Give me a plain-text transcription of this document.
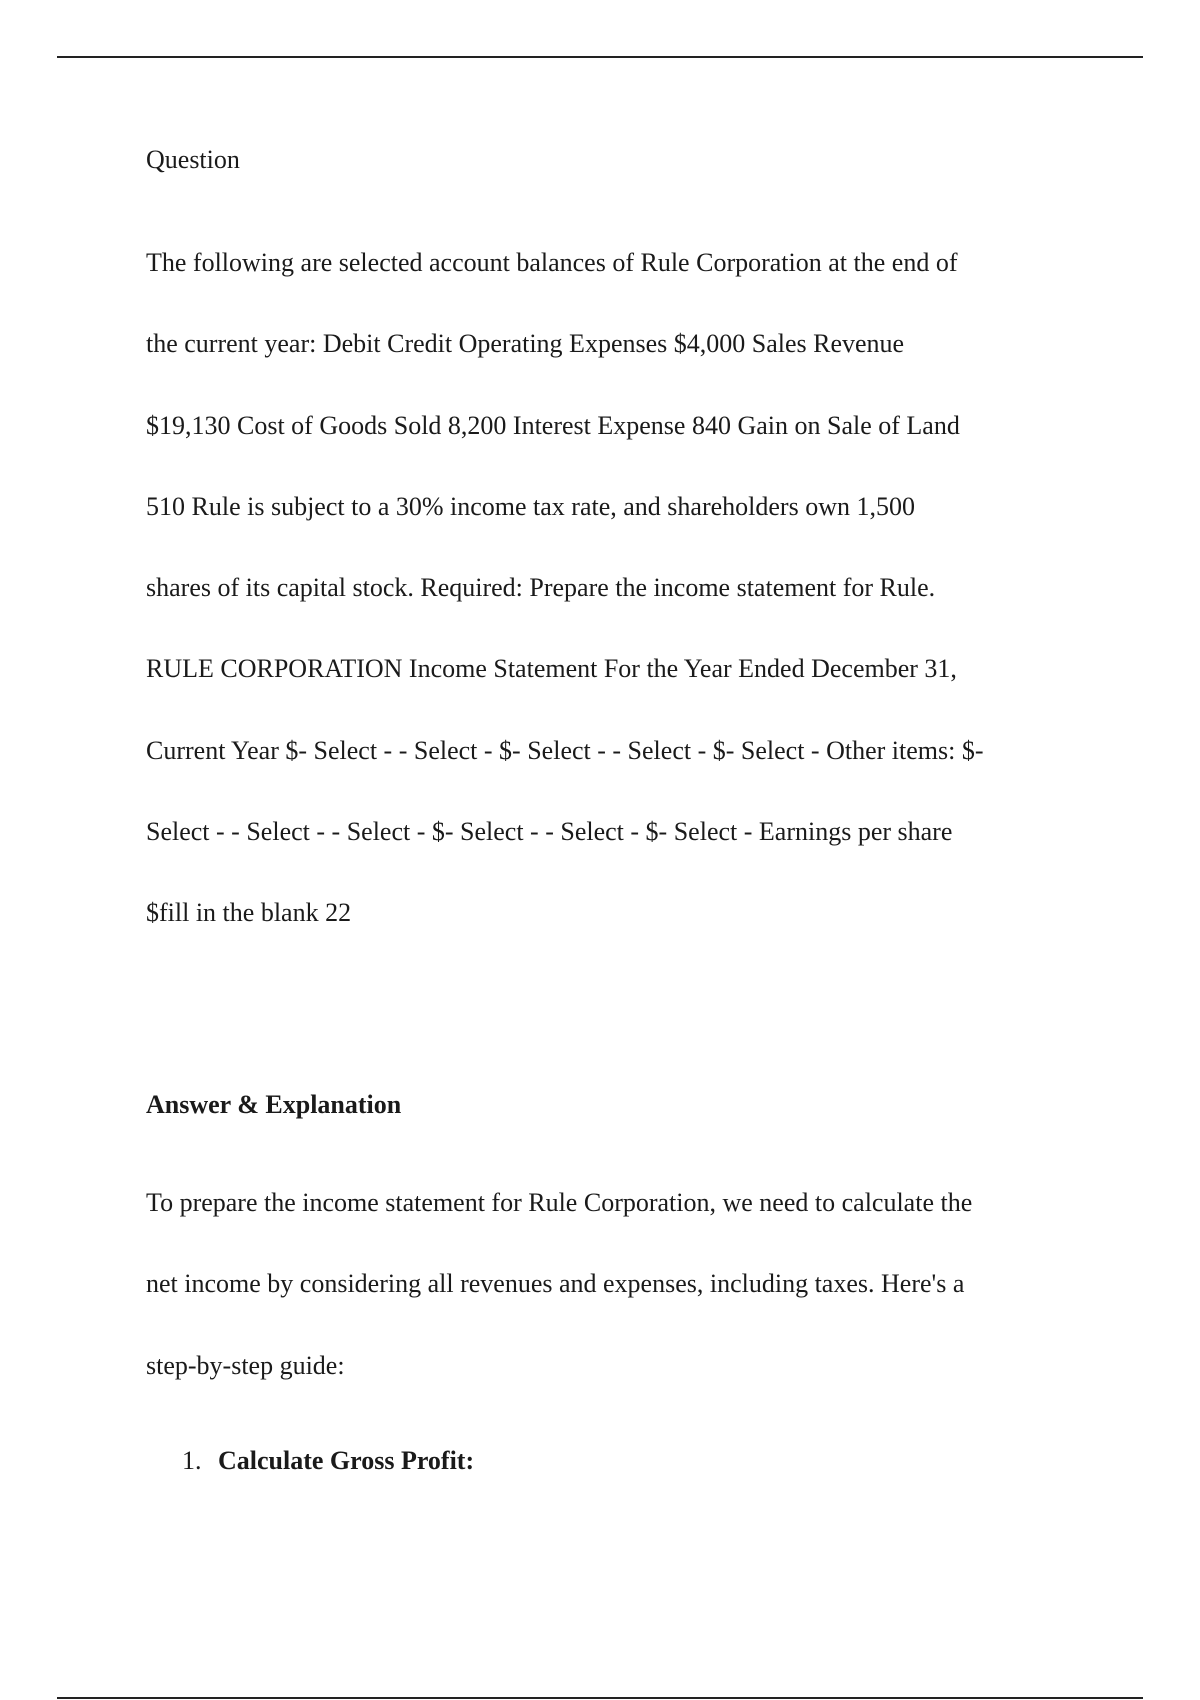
Question

The following are selected account balances of Rule Corporation at the end of

the current year: Debit Credit Operating Expenses $4,000 Sales Revenue

$19,130 Cost of Goods Sold 8,200 Interest Expense 840 Gain on Sale of Land

510 Rule is subject to a 30% income tax rate, and shareholders own 1,500

shares of its capital stock. Required: Prepare the income statement for Rule.

RULE CORPORATION Income Statement For the Year Ended December 31,

Current Year $- Select - - Select - $- Select - - Select - $- Select - Other items: $-

Select - - Select - - Select - $- Select - - Select - $- Select - Earnings per share

$fill in the blank 22

Answer & Explanation

To prepare the income statement for Rule Corporation, we need to calculate the

net income by considering all revenues and expenses, including taxes. Here's a

step-by-step guide:

1. Calculate Gross Profit:
